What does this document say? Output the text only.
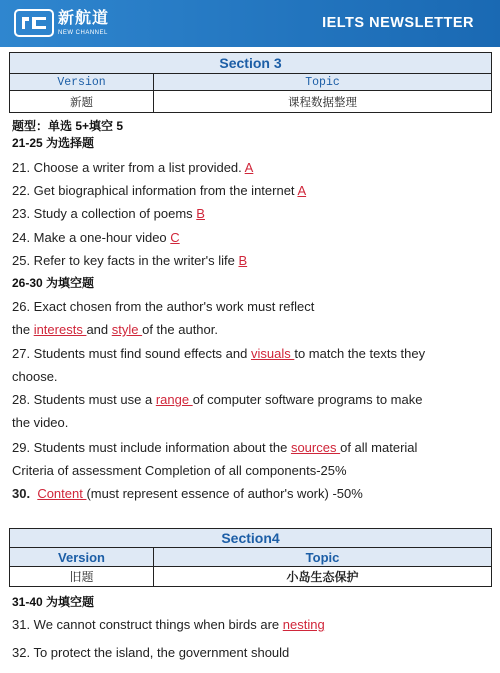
新航道
NEW CHANNEL
IELTS NEWSLETTER
Section 3	
Version	Topic
新题	课程数据整理
题型：单选 5+填空 5
21-25 为选择题
21. Choose a writer from a list provided. A
22. Get biographical information from the internet A
23. Study a collection of poems B
24. Make a one-hour video C
25. Refer to key facts in the writer's life B
26-30 为填空题
26. Exact chosen from the author's work must reflect
the interests and style of the author.
27. Students must find sound effects and visuals to match the texts they
choose.
28. Students must use a range of computer software programs to make
the video.
29. Students must include information about the sources of all material
Criteria of assessment Completion of all components-25%
30. Content (must represent essence of author's work) -50%
Section4	
Version	Topic
旧题	小岛生态保护
31-40 为填空题
31. We cannot construct things when birds are nesting
32. To protect the island, the government should
